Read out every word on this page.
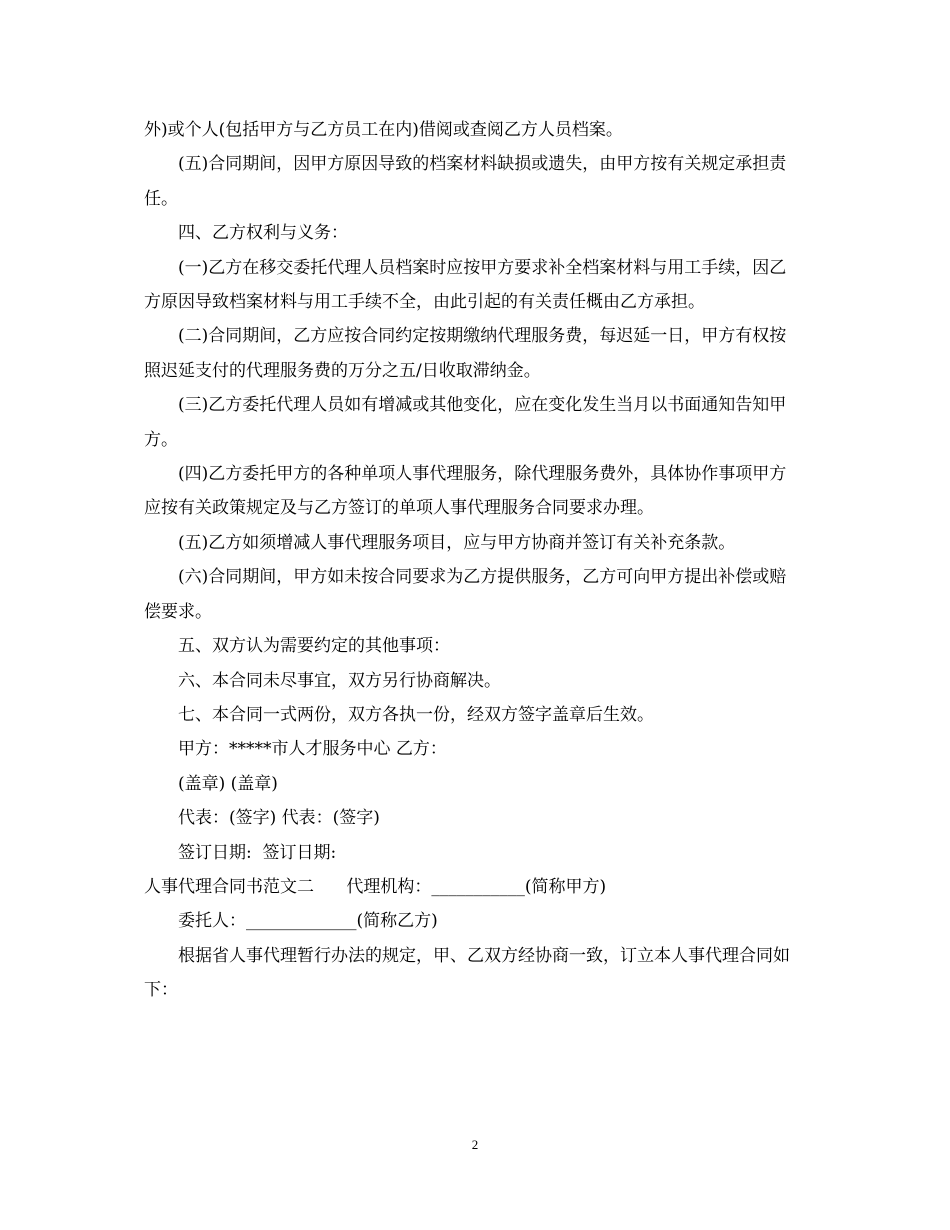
外)或个人(包括甲方与乙方员工在内)借阅或查阅乙方人员档案。

(五)合同期间，因甲方原因导致的档案材料缺损或遗失，由甲方按有关规定承担责任。

四、乙方权利与义务：

(一)乙方在移交委托代理人员档案时应按甲方要求补全档案材料与用工手续，因乙方原因导致档案材料与用工手续不全，由此引起的有关责任概由乙方承担。

(二)合同期间，乙方应按合同约定按期缴纳代理服务费，每迟延一日，甲方有权按照迟延支付的代理服务费的万分之五/日收取滞纳金。

(三)乙方委托代理人员如有增减或其他变化，应在变化发生当月以书面通知告知甲方。

(四)乙方委托甲方的各种单项人事代理服务，除代理服务费外，具体协作事项甲方应按有关政策规定及与乙方签订的单项人事代理服务合同要求办理。

(五)乙方如须增减人事代理服务项目，应与甲方协商并签订有关补充条款。

(六)合同期间，甲方如未按合同要求为乙方提供服务，乙方可向甲方提出补偿或赔偿要求。

五、双方认为需要约定的其他事项：

六、本合同未尽事宜，双方另行协商解决。

七、本合同一式两份，双方各执一份，经双方签字盖章后生效。

甲方：*****市人才服务中心 乙方：

(盖章) (盖章)

代表：(签字) 代表：(签字)

签订日期:  签订日期:

人事代理合同书范文二      代理机构：___________(简称甲方)

委托人：_____________(简称乙方)

根据省人事代理暂行办法的规定，甲、乙双方经协商一致，订立本人事代理合同如下：

2
